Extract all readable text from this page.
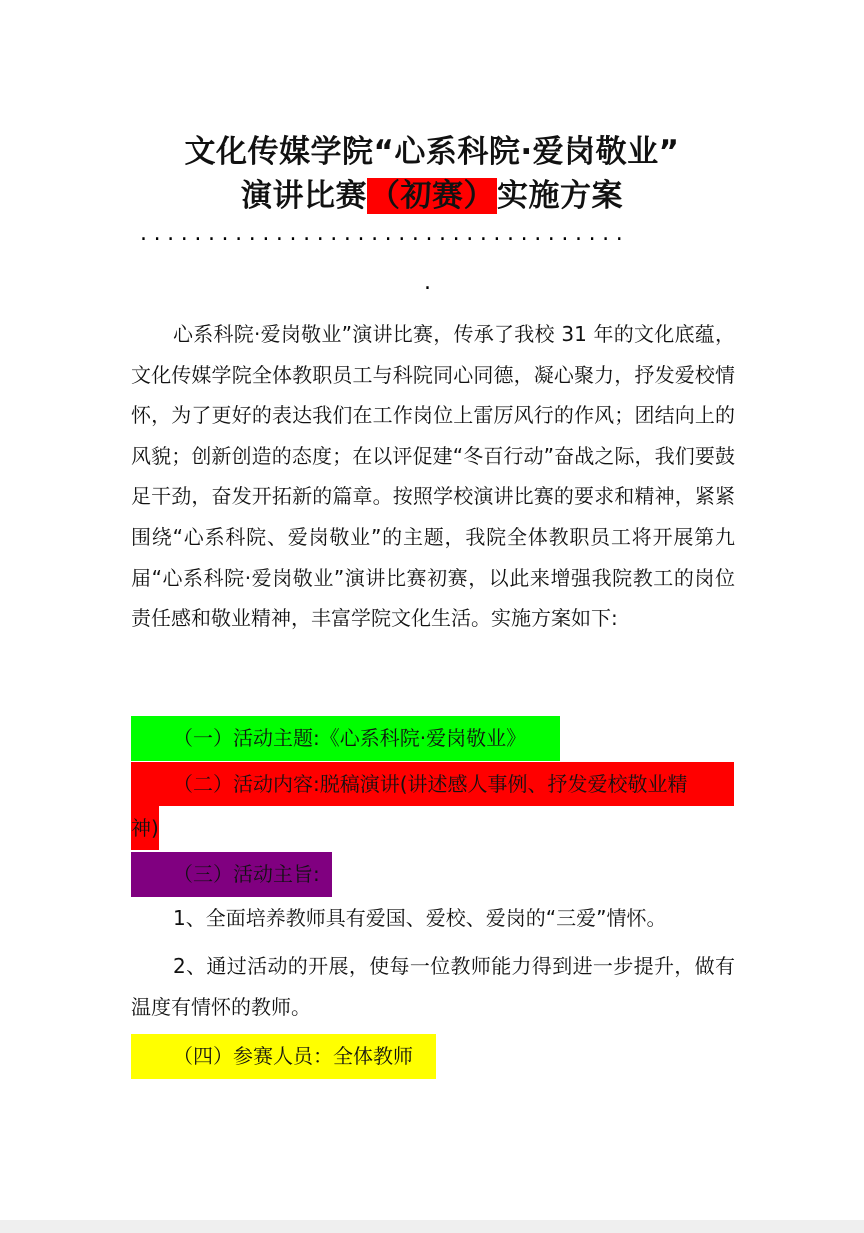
文化传媒学院“心系科院·爱岗敬业”
演讲比赛（初赛）实施方案
....................................
.
心系科院·爱岗敬业”演讲比赛，传承了我校 31 年的文化底蕴，文化传媒学院全体教职员工与科院同心同德，凝心聚力，抒发爱校情怀，为了更好的表达我们在工作岗位上雷厉风行的作风；团结向上的风貌；创新创造的态度；在以评促建“冬百行动”奋战之际，我们要鼓足干劲，奋发开拓新的篇章。按照学校演讲比赛的要求和精神，紧紧围绕“心系科院、爱岗敬业”的主题，我院全体教职员工将开展第九届“心系科院·爱岗敬业”演讲比赛初赛，以此来增强我院教工的岗位责任感和敬业精神，丰富学院文化生活。实施方案如下:
（一）活动主题:《心系科院·爱岗敬业》
（二）活动内容:脱稿演讲(讲述感人事例、抒发爱校敬业精
神)
（三）活动主旨:
1、全面培养教师具有爱国、爱校、爱岗的“三爱”情怀。
2、通过活动的开展，使每一位教师能力得到进一步提升，做有温度有情怀的教师。
（四）参赛人员：全体教师
